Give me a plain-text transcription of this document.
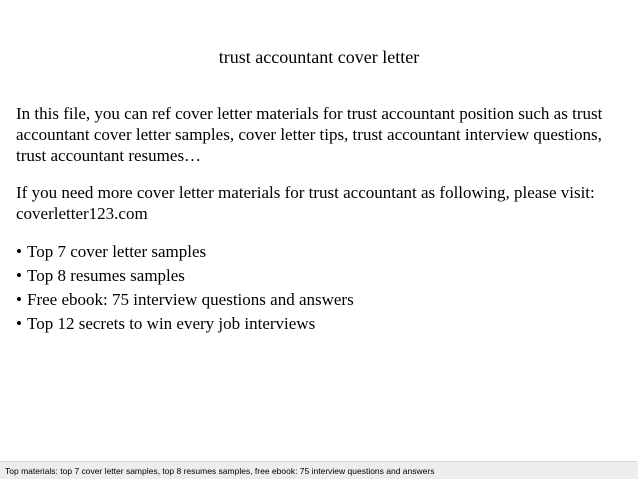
trust accountant cover letter
In this file, you can ref cover letter materials for trust accountant position such as trust accountant cover letter samples, cover letter tips, trust accountant interview questions, trust accountant resumes…
If you need more cover letter materials for trust accountant as following, please visit: coverletter123.com
• Top 7 cover letter samples
• Top 8 resumes samples
• Free ebook: 75 interview questions and answers
• Top 12 secrets to win every job interviews
Top materials: top 7 cover letter samples, top 8 resumes samples, free ebook: 75 interview questions and answers
